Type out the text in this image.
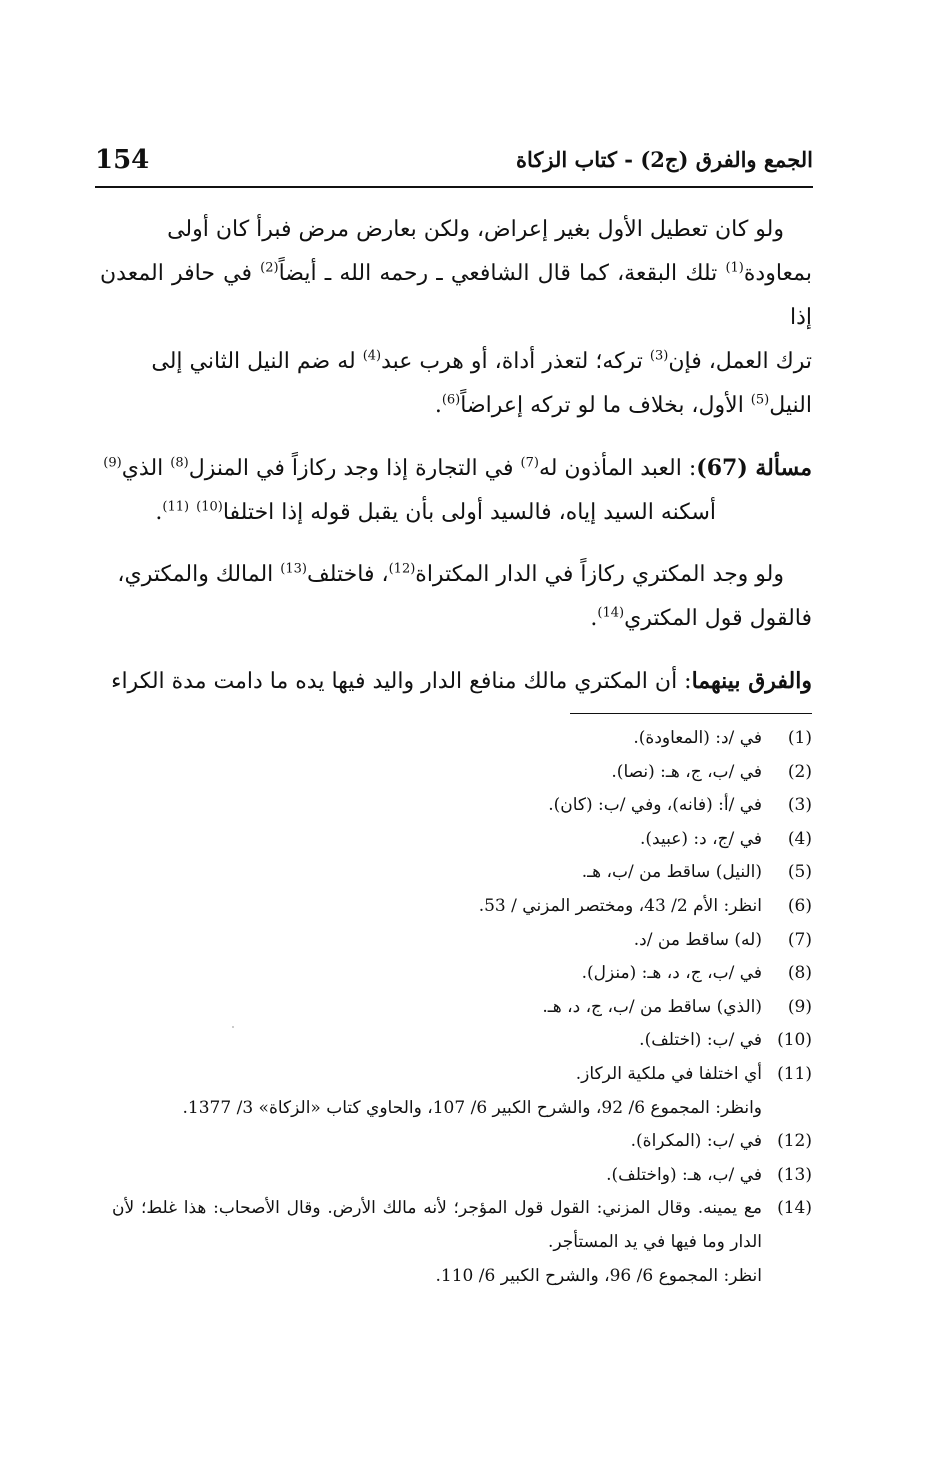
154	الجمع والفرق (ج2) - كتاب الزكاة

ولو كان تعطيل الأول بغير إعراض، ولكن بعارض مرض فبرأ كان أولى

بمعاودة$^{(1)}$ تلك البقعة، كما قال الشافعي ـ رحمه الله ـ أيضاً$^{(2)}$ في حافر المعدن إذا

ترك العمل، فإن$^{(3)}$ تركه؛ لتعذر أداة، أو هرب عبد$^{(4)}$ له ضم النيل الثاني إلى

النيل$^{(5)}$ الأول، بخلاف ما لو تركه إعراضاً$^{(6)}$.

مسألة (67): العبد المأذون له$^{(7)}$ في التجارة إذا وجد ركازاً في المنزل$^{(8)}$ الذي$^{(9)}$

أسكنه السيد إياه، فالسيد أولى بأن يقبل قوله إذا اختلفا$^{(10)}$ $^{(11)}$.

ولو وجد المكتري ركازاً في الدار المكتراة$^{(12)}$، فاختلف$^{(13)}$ المالك والمكتري،

فالقول قول المكتري$^{(14)}$.

والفرق بينهما: أن المكتري مالك منافع الدار واليد فيها يده ما دامت مدة الكراء

(1)

في /د: (المعاودة).

(2)

في /ب، ج، هـ: (نصا).

(3)

في /أ: (فانه)، وفي /ب: (كان).

(4)

في /ج، د: (عبيد).

(5)

(النيل) ساقط من /ب، هـ.

(6)

انظر: الأم 2/ 43، ومختصر المزني / 53.

(7)

(له) ساقط من /د.

(8)

في /ب، ج، د، هـ: (منزل).

(9)

(الذي) ساقط من /ب، ج، د، هـ.

(10)

في /ب: (اختلف).

(11)

أي اختلفا في ملكية الركاز.

وانظر: المجموع 6/ 92، والشرح الكبير 6/ 107، والحاوي كتاب «الزكاة» 3/ 1377.

(12)

في /ب: (المكراة).

(13)

في /ب، هـ: (واختلف).

(14)

مع يمينه. وقال المزني: القول قول المؤجر؛ لأنه مالك الأرض. وقال الأصحاب: هذا غلط؛ لأن الدار وما فيها في يد المستأجر.

انظر: المجموع 6/ 96، والشرح الكبير 6/ 110.
